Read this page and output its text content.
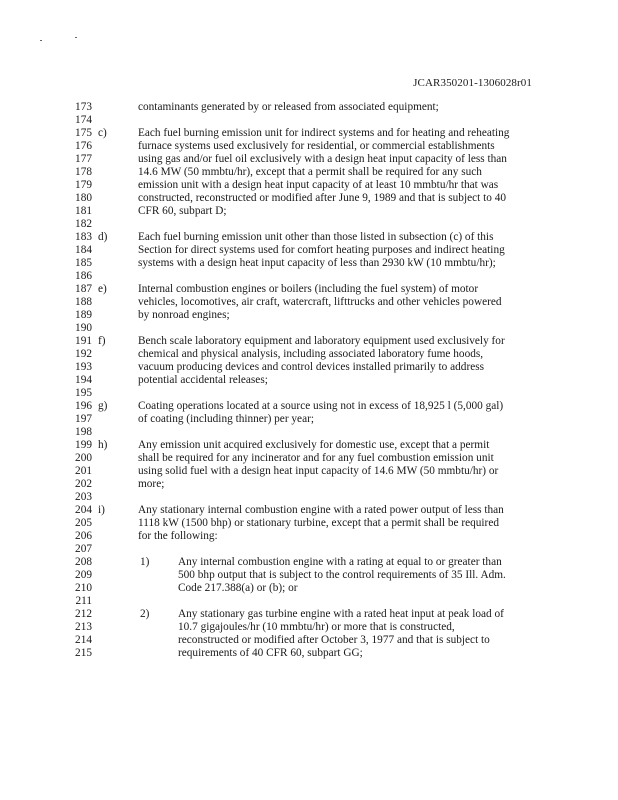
JCAR350201-1306028r01
173	contaminants generated by or released from associated equipment;
174
175 c)	Each fuel burning emission unit for indirect systems and for heating and reheating
176	furnace systems used exclusively for residential, or commercial establishments
177	using gas and/or fuel oil exclusively with a design heat input capacity of less than
178	14.6 MW (50 mmbtu/hr), except that a permit shall be required for any such
179	emission unit with a design heat input capacity of at least 10 mmbtu/hr that was
180	constructed, reconstructed or modified after June 9, 1989 and that is subject to 40
181	CFR 60, subpart D;
182
183 d)	Each fuel burning emission unit other than those listed in subsection (c) of this
184	Section for direct systems used for comfort heating purposes and indirect heating
185	systems with a design heat input capacity of less than 2930 kW (10 mmbtu/hr);
186
187 e)	Internal combustion engines or boilers (including the fuel system) of motor
188	vehicles, locomotives, air craft, watercraft, lifttrucks and other vehicles powered
189	by nonroad engines;
190
191 f)	Bench scale laboratory equipment and laboratory equipment used exclusively for
192	chemical and physical analysis, including associated laboratory fume hoods,
193	vacuum producing devices and control devices installed primarily to address
194	potential accidental releases;
195
196 g)	Coating operations located at a source using not in excess of 18,925 l (5,000 gal)
197	of coating (including thinner) per year;
198
199 h)	Any emission unit acquired exclusively for domestic use, except that a permit
200	shall be required for any incinerator and for any fuel combustion emission unit
201	using solid fuel with a design heat input capacity of 14.6 MW (50 mmbtu/hr) or
202	more;
203
204 i)	Any stationary internal combustion engine with a rated power output of less than
205	1118 kW (1500 bhp) or stationary turbine, except that a permit shall be required
206	for the following:
207
208	1)	Any internal combustion engine with a rating at equal to or greater than
209	500 bhp output that is subject to the control requirements of 35 Ill. Adm.
210	Code 217.388(a) or (b); or
211
212	2)	Any stationary gas turbine engine with a rated heat input at peak load of
213	10.7 gigajoules/hr (10 mmbtu/hr) or more that is constructed,
214	reconstructed or modified after October 3, 1977 and that is subject to
215	requirements of 40 CFR 60, subpart GG;
